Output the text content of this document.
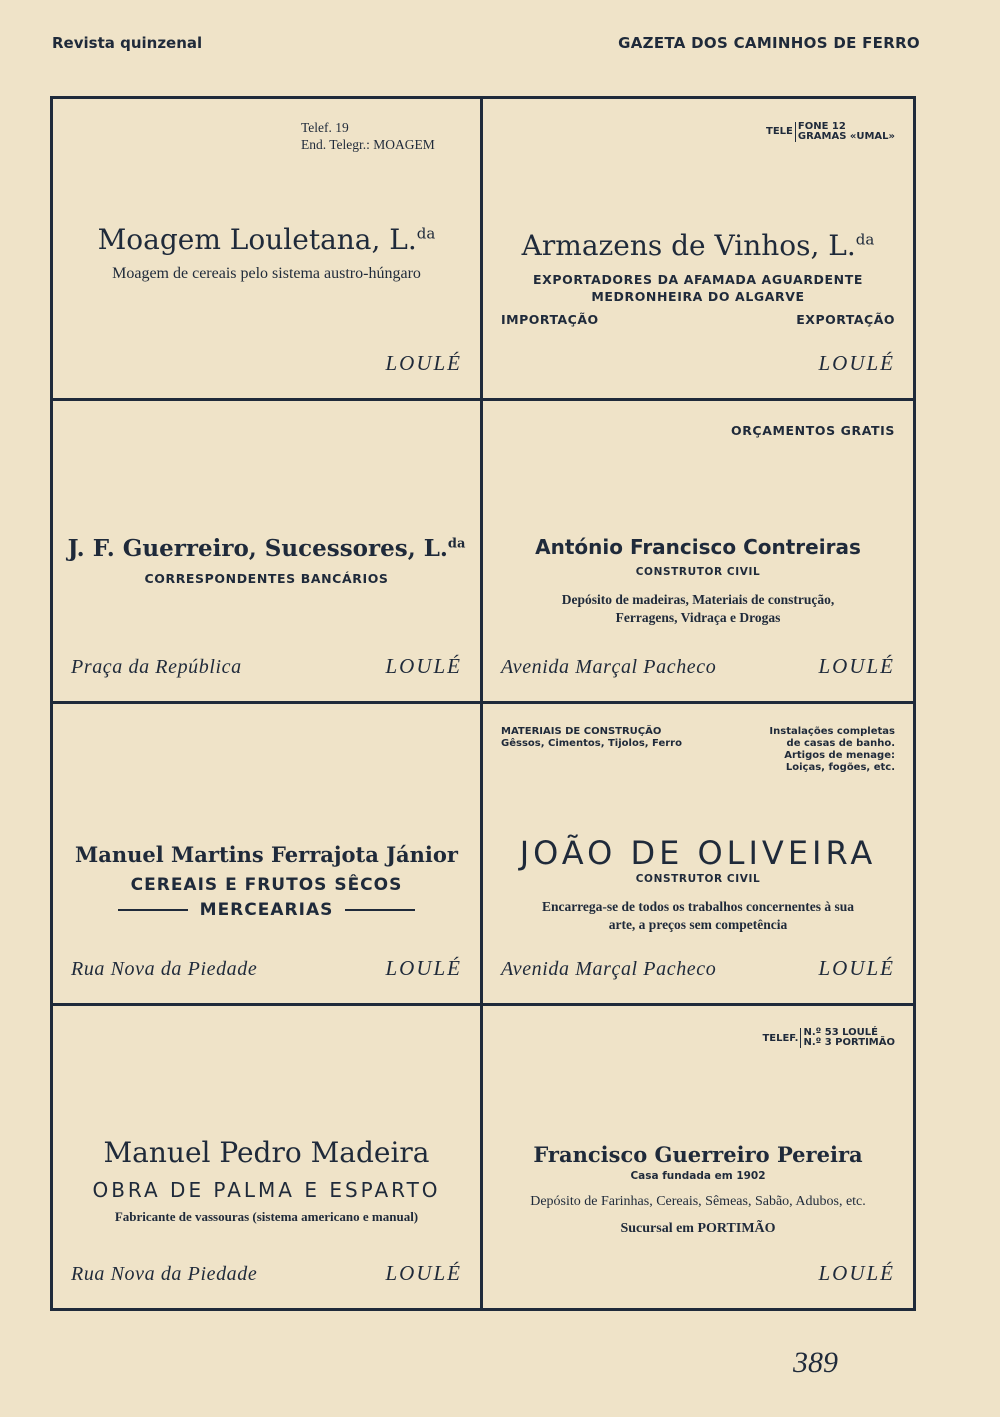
Revista quinzenal	GAZETA DOS CAMINHOS DE FERRO
Telef. 19
End. Telegr.: MOAGEM
Moagem Louletana, L.$^{da}$
Moagem de cereais pelo sistema austro-húngaro
LOULÉ
TELE FONE 12
GRAMAS «UMAL»
Armazens de Vinhos, L.$^{da}$
EXPORTADORES DA AFAMADA AGUARDENTE
MEDRONHEIRA DO ALGARVE
IMPORTAÇÃO	EXPORTAÇÃO
LOULÉ
J. F. Guerreiro, Sucessores, L.$^{da}$
CORRESPONDENTES BANCÁRIOS
Praça da República	LOULÉ
ORÇAMENTOS GRATIS
António Francisco Contreiras
CONSTRUTOR CIVIL
Depósito de madeiras, Materiais de construção,
Ferragens, Vidraça e Drogas
Avenida Marçal Pacheco	LOULÉ
Manuel Martins Ferrajota Jánior
CEREAIS E FRUTOS SÊCOS
MERCEARIAS
Rua Nova da Piedade	LOULÉ
MATERIAIS DE CONSTRUÇÃO
Gêssos, Cimentos, Tijolos, Ferro
Instalações completas
de casas de banho.
Artigos de menage:
Loiças, fogões, etc.
JOÃO DE OLIVEIRA
CONSTRUTOR CIVIL
Encarrega-se de todos os trabalhos concernentes à sua
arte, a preços sem competência
Avenida Marçal Pacheco	LOULÉ
Manuel Pedro Madeira
OBRA DE PALMA E ESPARTO
Fabricante de vassouras (sistema americano e manual)
Rua Nova da Piedade	LOULÉ
TELEF. N.º 53 LOULÉ
N.º 3 PORTIMÃO
Francisco Guerreiro Pereira
Casa fundada em 1902
Depósito de Farinhas, Cereais, Sêmeas, Sabão, Adubos, etc.
Sucursal em PORTIMÃO
LOULÉ
389
